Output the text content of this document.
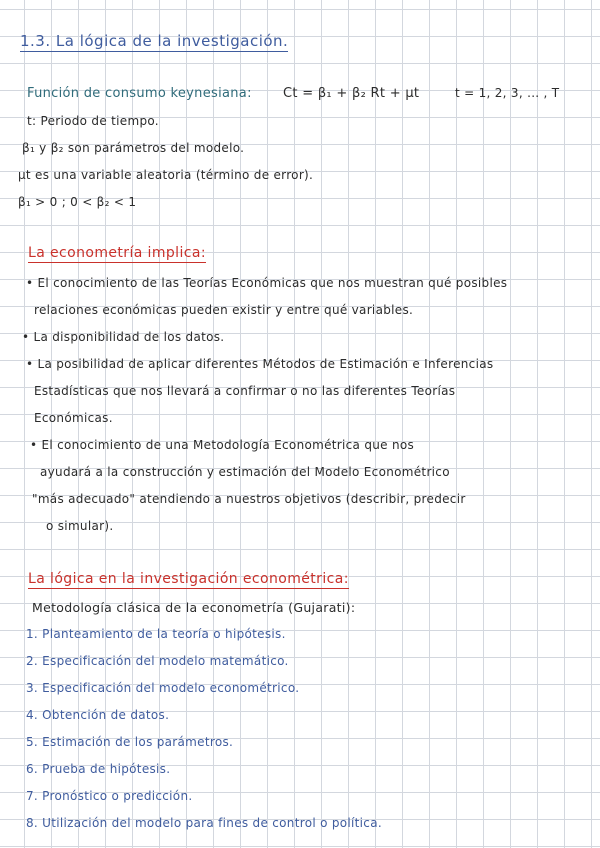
1.3. La lógica de la investigación.
Función de consumo keynesiana: Ct = β₁ + β₂ Rt + μt	t = 1, 2, 3, ... , T
t: Periodo de tiempo.
β₁ y β₂ son parámetros del modelo.
μt es una variable aleatoria (término de error).
β₁ > 0 ; 0 < β₂ < 1
La econometría implica:
• El conocimiento de las Teorías Económicas que nos muestran qué posibles
relaciones económicas pueden existir y entre qué variables.
• La disponibilidad de los datos.
• La posibilidad de aplicar diferentes Métodos de Estimación e Inferencias
Estadísticas que nos llevará a confirmar o no las diferentes Teorías
Económicas.
• El conocimiento de una Metodología Econométrica que nos
ayudará a la construcción y estimación del Modelo Econométrico
"más adecuado" atendiendo a nuestros objetivos (describir, predecir
o simular).
La lógica en la investigación econométrica:
Metodología clásica de la econometría (Gujarati):
1. Planteamiento de la teoría o hipótesis.
2. Especificación del modelo matemático.
3. Especificación del modelo econométrico.
4. Obtención de datos.
5. Estimación de los parámetros.
6. Prueba de hipótesis.
7. Pronóstico o predicción.
8. Utilización del modelo para fines de control o política.
